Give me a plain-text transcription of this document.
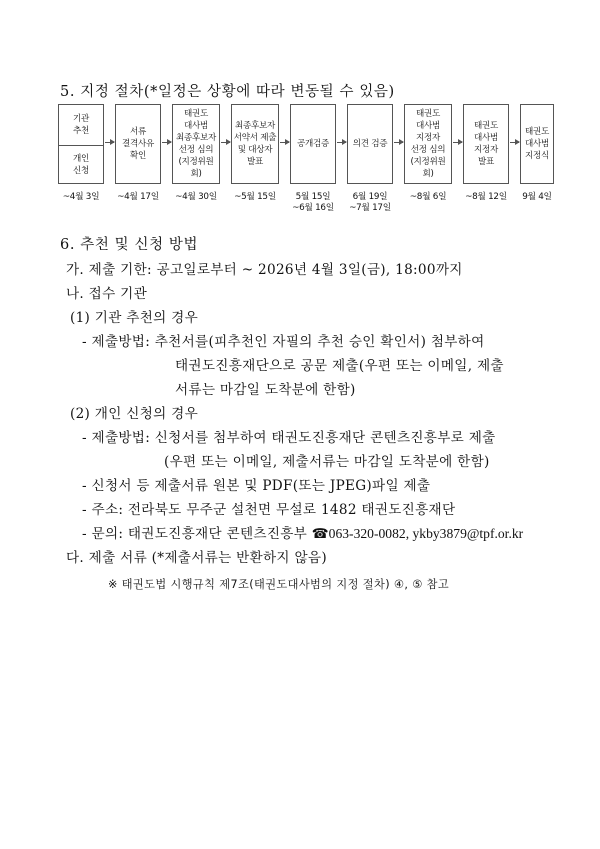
5. 지정 절차(*일정은 상황에 따라 변동될 수 있음)
기관
추천
개인
신청
서류
결격사유
확인
태권도
대사범
최종후보자
선정 심의
(지정위원회)
최종후보자
서약서 제출
및 대상자
발표
공개검증	의견 검증
태권도
대사범
지정자
선정 심의
(지정위원회)
태권도
대사범
지정자
발표
태권도
대사범
지정식
~4월 3일	~4월 17일	~4월 30일	~5월 15일	5월 15일
~6월 16일
6월 19일
~7월 17일
~8월 6일	~8월 12일	9월 4일
6. 추천 및 신청 방법
가. 제출 기한: 공고일로부터 ~ 2026년 4월 3일(금), 18:00까지
나. 접수 기관
(1) 기관 추천의 경우
- 제출방법: 추천서를(피추천인 자필의 추천 승인 확인서) 첨부하여
태권도진흥재단으로 공문 제출(우편 또는 이메일, 제출
서류는 마감일 도착분에 한함)
(2) 개인 신청의 경우
- 제출방법: 신청서를 첨부하여 태권도진흥재단 콘텐츠진흥부로 제출
(우편 또는 이메일, 제출서류는 마감일 도착분에 한함)
- 신청서 등 제출서류 원본 및 PDF(또는 JPEG)파일 제출
- 주소: 전라북도 무주군 설천면 무설로 1482 태권도진흥재단
- 문의: 태권도진흥재단 콘텐츠진흥부 ☎063-320-0082, ykby3879@tpf.or.kr
다. 제출 서류 (*제출서류는 반환하지 않음)
※ 태권도법 시행규칙 제7조(태권도대사범의 지정 절차) ④, ⑤ 참고
